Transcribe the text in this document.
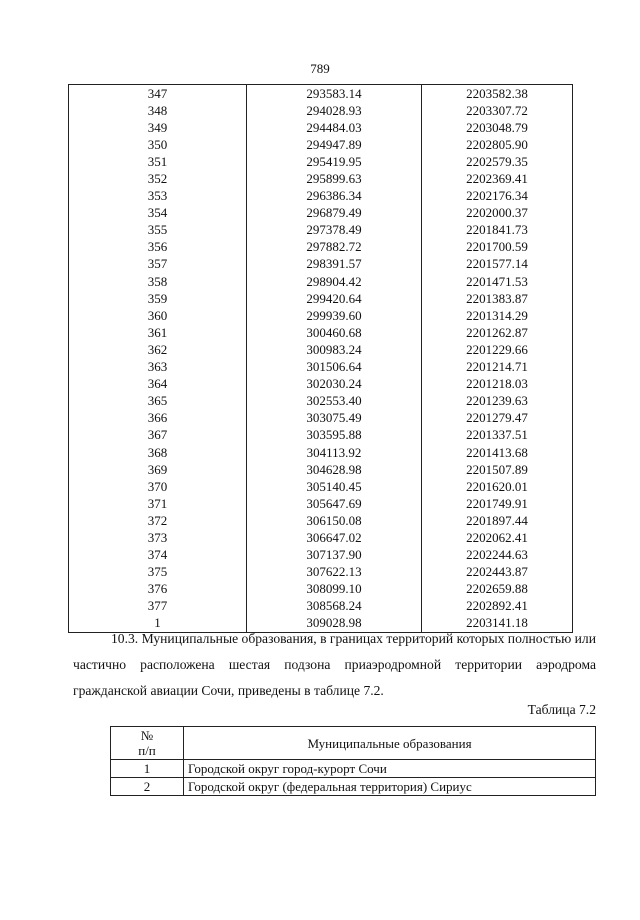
789
347	293583.14	2203582.38
348	294028.93	2203307.72
349	294484.03	2203048.79
350	294947.89	2202805.90
351	295419.95	2202579.35
352	295899.63	2202369.41
353	296386.34	2202176.34
354	296879.49	2202000.37
355	297378.49	2201841.73
356	297882.72	2201700.59
357	298391.57	2201577.14
358	298904.42	2201471.53
359	299420.64	2201383.87
360	299939.60	2201314.29
361	300460.68	2201262.87
362	300983.24	2201229.66
363	301506.64	2201214.71
364	302030.24	2201218.03
365	302553.40	2201239.63
366	303075.49	2201279.47
367	303595.88	2201337.51
368	304113.92	2201413.68
369	304628.98	2201507.89
370	305140.45	2201620.01
371	305647.69	2201749.91
372	306150.08	2201897.44
373	306647.02	2202062.41
374	307137.90	2202244.63
375	307622.13	2202443.87
376	308099.10	2202659.88
377	308568.24	2202892.41
1	309028.98	2203141.18

10.3. Муниципальные образования, в границах территорий которых полностью или частично расположена шестая подзона приаэродромной территории аэродрома гражданской авиации Сочи, приведены в таблице 7.2.

Таблица 7.2
№
п/п	Муниципальные образования
1	Городской округ город-курорт Сочи
2	Городской округ (федеральная территория) Сириус
